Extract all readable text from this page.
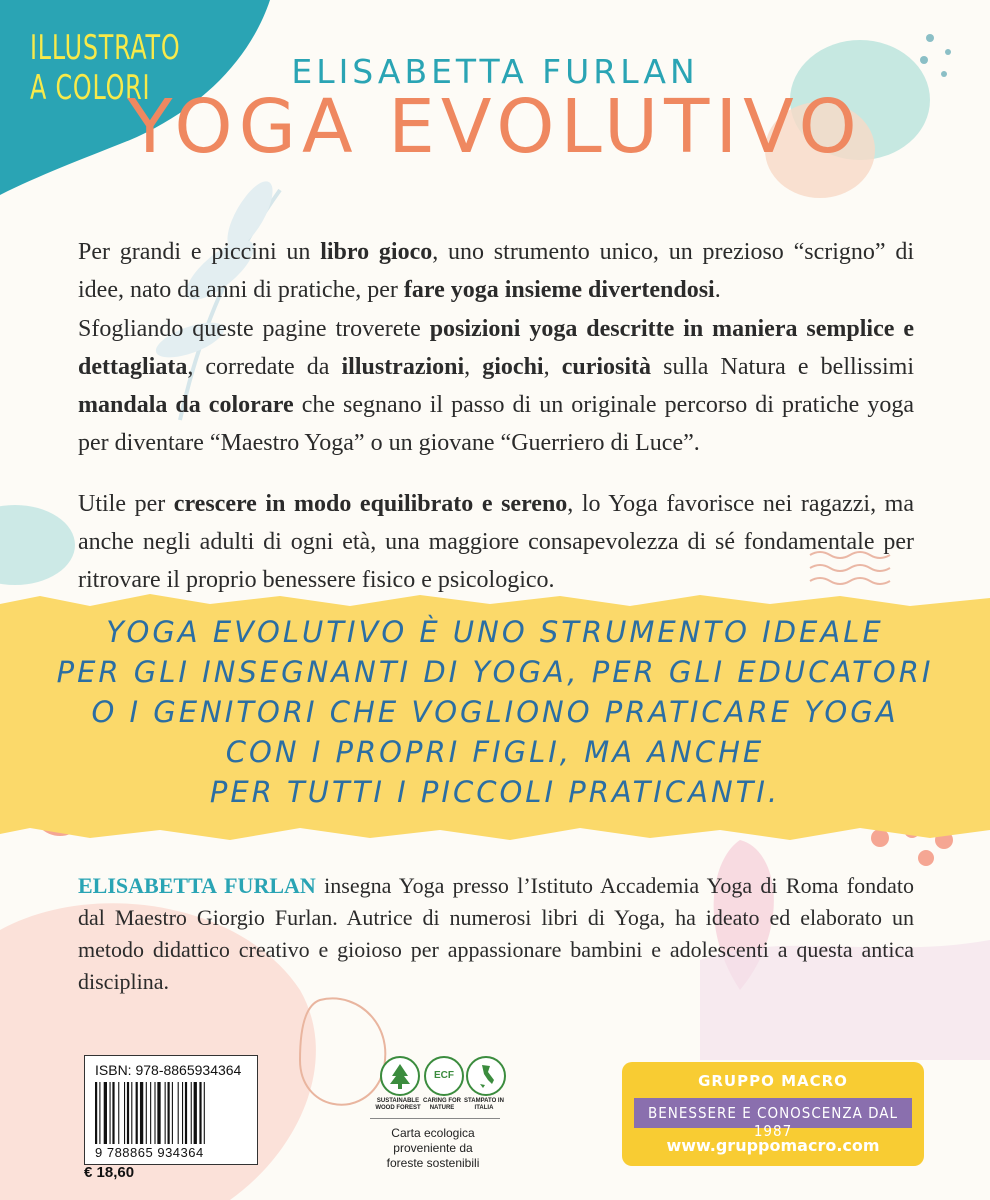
ILLUSTRATO
A COLORI	ELISABETTA FURLAN
YOGA EVOLUTIVO

Per grandi e piccini un libro gioco, uno strumento unico, un prezioso “scrigno” di idee, nato da anni di pratiche, per fare yoga insieme divertendosi.

Sfogliando queste pagine troverete posizioni yoga descritte in maniera semplice e dettagliata, corredate da illustrazioni, giochi, curiosità sulla Natura e bellissimi mandala da colorare che segnano il passo di un originale percorso di pratiche yoga per diventare “Maestro Yoga” o un giovane “Guerriero di Luce”.

Utile per crescere in modo equilibrato e sereno, lo Yoga favorisce nei ragazzi, ma anche negli adulti di ogni età, una maggiore consapevolezza di sé fondamentale per ritrovare il proprio benessere fisico e psicologico.

YOGA EVOLUTIVO È UNO STRUMENTO IDEALE
PER GLI INSEGNANTI DI YOGA, PER GLI EDUCATORI
O I GENITORI CHE VOGLIONO PRATICARE YOGA
CON I PROPRI FIGLI, MA ANCHE
PER TUTTI I PICCOLI PRATICANTI.

ELISABETTA FURLAN insegna Yoga presso l’Istituto Accademia Yoga di Roma fondato dal Maestro Giorgio Furlan. Autrice di numerosi libri di Yoga, ha ideato ed elaborato un metodo didattico creativo e gioioso per appassionare bambini e adolescenti a questa antica disciplina.

ISBN: 978-8865934364
9 788865 934364
€ 18,60
ECF
SUSTAINABLE WOOD FOREST
CARING FOR NATURE
STAMPATO IN ITALIA
Carta ecologica
proveniente da
foreste sostenibili
GRUPPO MACRO
BENESSERE E CONOSCENZA DAL 1987
www.gruppomacro.com
